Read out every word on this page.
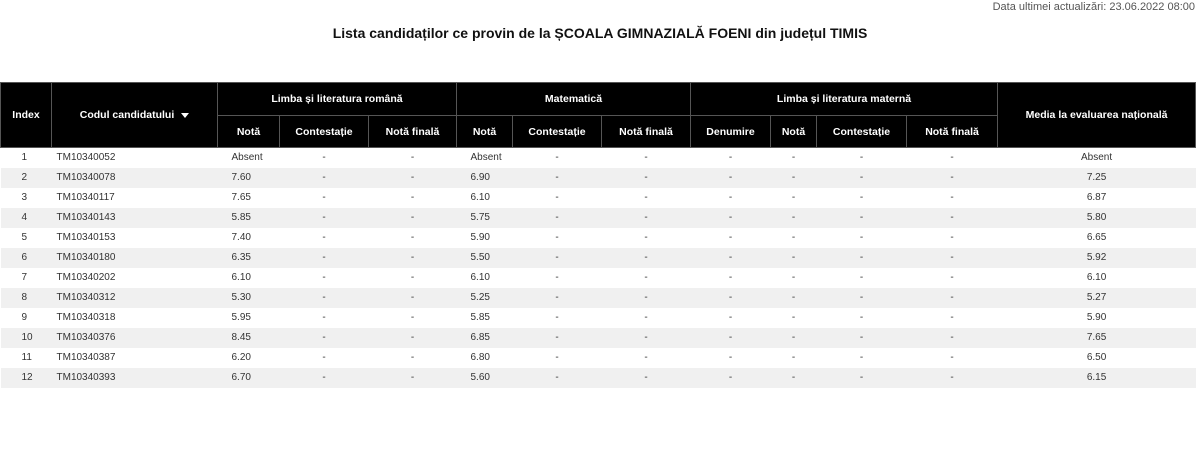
Data ultimei actualizări: 23.06.2022 08:00
Lista candidaților ce provin de la ȘCOALA GIMNAZIALĂ FOENI din județul TIMIS
Index	Codul candidatului	Limba și literatura română			Matematică			Limba și literatura maternă				Media la evaluarea națională
		Notă	Contestație	Notă finală	Notă	Contestație	Notă finală	Denumire	Notă	Contestație	Notă finală	
1	TM10340052	Absent	-	-	Absent	-	-	-	-	-	-	Absent
2	TM10340078	7.60	-	-	6.90	-	-	-	-	-	-	7.25
3	TM10340117	7.65	-	-	6.10	-	-	-	-	-	-	6.87
4	TM10340143	5.85	-	-	5.75	-	-	-	-	-	-	5.80
5	TM10340153	7.40	-	-	5.90	-	-	-	-	-	-	6.65
6	TM10340180	6.35	-	-	5.50	-	-	-	-	-	-	5.92
7	TM10340202	6.10	-	-	6.10	-	-	-	-	-	-	6.10
8	TM10340312	5.30	-	-	5.25	-	-	-	-	-	-	5.27
9	TM10340318	5.95	-	-	5.85	-	-	-	-	-	-	5.90
10	TM10340376	8.45	-	-	6.85	-	-	-	-	-	-	7.65
11	TM10340387	6.20	-	-	6.80	-	-	-	-	-	-	6.50
12	TM10340393	6.70	-	-	5.60	-	-	-	-	-	-	6.15
